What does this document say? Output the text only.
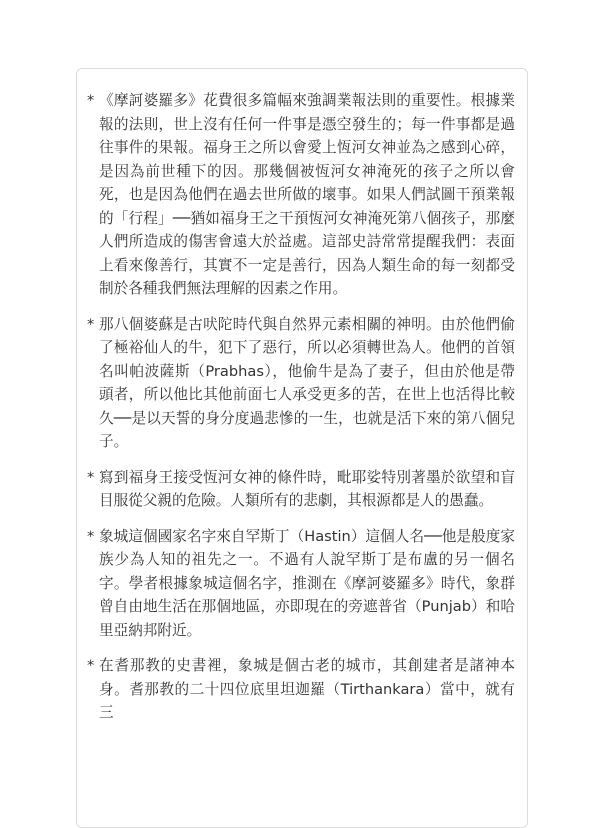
* 《摩訶婆羅多》花費很多篇幅來強調業報法則的重要性。根據業報的法則，世上沒有任何一件事是憑空發生的；每一件事都是過往事件的果報。福身王之所以會愛上恆河女神並為之感到心碎，是因為前世種下的因。那幾個被恆河女神淹死的孩子之所以會死，也是因為他們在過去世所做的壞事。如果人們試圖干預業報的「行程」──猶如福身王之干預恆河女神淹死第八個孩子，那麼人們所造成的傷害會遠大於益處。這部史詩常常提醒我們：表面上看來像善行，其實不一定是善行，因為人類生命的每一刻都受制於各種我們無法理解的因素之作用。
* 那八個婆蘇是古吠陀時代與自然界元素相關的神明。由於他們偷了極裕仙人的牛，犯下了惡行，所以必須轉世為人。他們的首領名叫帕波薩斯（Prabhas），他偷牛是為了妻子，但由於他是帶頭者，所以他比其他前面七人承受更多的苦，在世上也活得比較久──是以天誓的身分度過悲慘的一生，也就是活下來的第八個兒子。
* 寫到福身王接受恆河女神的條件時，毗耶娑特別著墨於欲望和盲目服從父親的危險。人類所有的悲劇，其根源都是人的愚蠢。
* 象城這個國家名字來自罕斯丁（Hastin）這個人名──他是般度家族少為人知的祖先之一。不過有人說罕斯丁是布盧的另一個名字。學者根據象城這個名字，推測在《摩訶婆羅多》時代，象群曾自由地生活在那個地區，亦即現在的旁遮普省（Punjab）和哈里亞納邦附近。
* 在耆那教的史書裡，象城是個古老的城市，其創建者是諸神本身。耆那教的二十四位底里坦迦羅（Tirthankara）當中，就有三
